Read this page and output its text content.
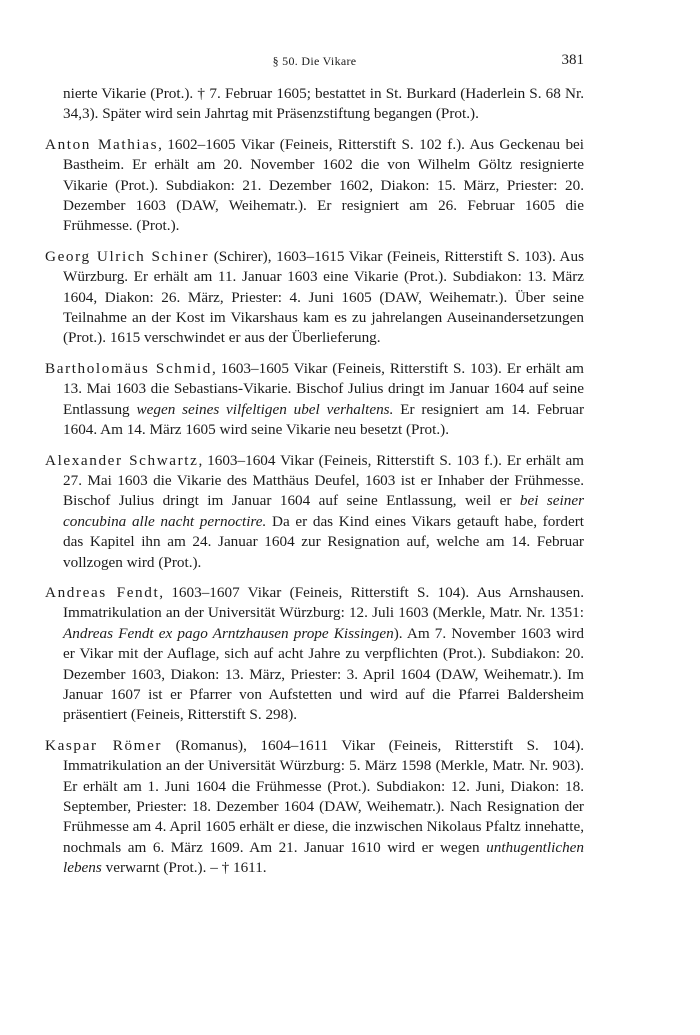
§ 50. Die Vikare	381

nierte Vikarie (Prot.). † 7. Februar 1605; bestattet in St. Burkard (Haderlein S. 68 Nr. 34,3). Später wird sein Jahrtag mit Präsenzstiftung begangen (Prot.).

Anton Mathias, 1602–1605 Vikar (Feineis, Ritterstift S. 102 f.). Aus Geckenau bei Bastheim. Er erhält am 20. November 1602 die von Wilhelm Göltz resignierte Vikarie (Prot.). Subdiakon: 21. Dezember 1602, Diakon: 15. März, Priester: 20. Dezember 1603 (DAW, Weihematr.). Er resigniert am 26. Februar 1605 die Frühmesse. (Prot.).

Georg Ulrich Schiner (Schirer), 1603–1615 Vikar (Feineis, Ritterstift S. 103). Aus Würzburg. Er erhält am 11. Januar 1603 eine Vikarie (Prot.). Subdiakon: 13. März 1604, Diakon: 26. März, Priester: 4. Juni 1605 (DAW, Weihematr.). Über seine Teilnahme an der Kost im Vikarshaus kam es zu jahrelangen Auseinandersetzungen (Prot.). 1615 verschwindet er aus der Überlieferung.

Bartholomäus Schmid, 1603–1605 Vikar (Feineis, Ritterstift S. 103). Er erhält am 13. Mai 1603 die Sebastians-Vikarie. Bischof Julius dringt im Januar 1604 auf seine Entlassung wegen seines vilfeltigen ubel verhaltens. Er resigniert am 14. Februar 1604. Am 14. März 1605 wird seine Vikarie neu besetzt (Prot.).

Alexander Schwartz, 1603–1604 Vikar (Feineis, Ritterstift S. 103 f.). Er erhält am 27. Mai 1603 die Vikarie des Matthäus Deufel, 1603 ist er Inhaber der Frühmesse. Bischof Julius dringt im Januar 1604 auf seine Entlassung, weil er bei seiner concubina alle nacht pernoctire. Da er das Kind eines Vikars getauft habe, fordert das Kapitel ihn am 24. Januar 1604 zur Resignation auf, welche am 14. Februar vollzogen wird (Prot.).

Andreas Fendt, 1603–1607 Vikar (Feineis, Ritterstift S. 104). Aus Arnshausen. Immatrikulation an der Universität Würzburg: 12. Juli 1603 (Merkle, Matr. Nr. 1351: Andreas Fendt ex pago Arntzhausen prope Kissingen). Am 7. November 1603 wird er Vikar mit der Auflage, sich auf acht Jahre zu verpflichten (Prot.). Subdiakon: 20. Dezember 1603, Diakon: 13. März, Priester: 3. April 1604 (DAW, Weihematr.). Im Januar 1607 ist er Pfarrer von Aufstetten und wird auf die Pfarrei Baldersheim präsentiert (Feineis, Ritterstift S. 298).

Kaspar Römer (Romanus), 1604–1611 Vikar (Feineis, Ritterstift S. 104). Immatrikulation an der Universität Würzburg: 5. März 1598 (Merkle, Matr. Nr. 903). Er erhält am 1. Juni 1604 die Frühmesse (Prot.). Subdiakon: 12. Juni, Diakon: 18. September, Priester: 18. Dezember 1604 (DAW, Weihematr.). Nach Resignation der Frühmesse am 4. April 1605 erhält er diese, die inzwischen Nikolaus Pfaltz innehatte, nochmals am 6. März 1609. Am 21. Januar 1610 wird er wegen unthugentlichen lebens verwarnt (Prot.). – † 1611.
